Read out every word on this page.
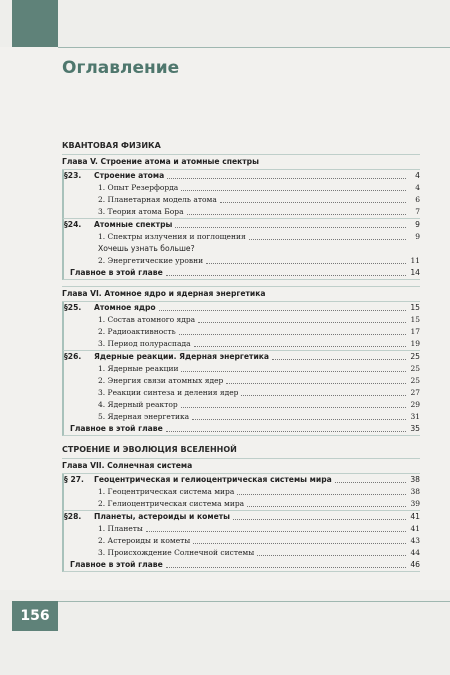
Оглавление
КВАНТОВАЯ ФИЗИКА
Глава V. Строение атома и атомные спектры
§23. Строение атома	4
1. Опыт Резерфорда	4
2. Планетарная модель атома	6
3. Теория атома Бора	7
§24. Атомные спектры	9
1. Спектры излучения и поглощения	9
Хочешь узнать больше?
2. Энергетические уровни	11
Главное в этой главе	14
Глава VI. Атомное ядро и ядерная энергетика
§25. Атомное ядро	15
1. Состав атомного ядра	15
2. Радиоактивность	17
3. Период полураспада	19
§26. Ядерные реакции. Ядерная энергетика	25
1. Ядерные реакции	25
2. Энергия связи атомных ядер	25
3. Реакции синтеза и деления ядер	27
4. Ядерный реактор	29
5. Ядерная энергетика	31
Главное в этой главе	35
СТРОЕНИЕ И ЭВОЛЮЦИЯ ВСЕЛЕННОЙ
Глава VII. Солнечная система
§ 27. Геоцентрическая и гелиоцентрическая системы мира	38
1. Геоцентрическая система мира	38
2. Гелиоцентрическая система мира	39
§28. Планеты, астероиды и кометы	41
1. Планеты	41
2. Астероиды и кометы	43
3. Происхождение Солнечной системы	44
Главное в этой главе	46
156
